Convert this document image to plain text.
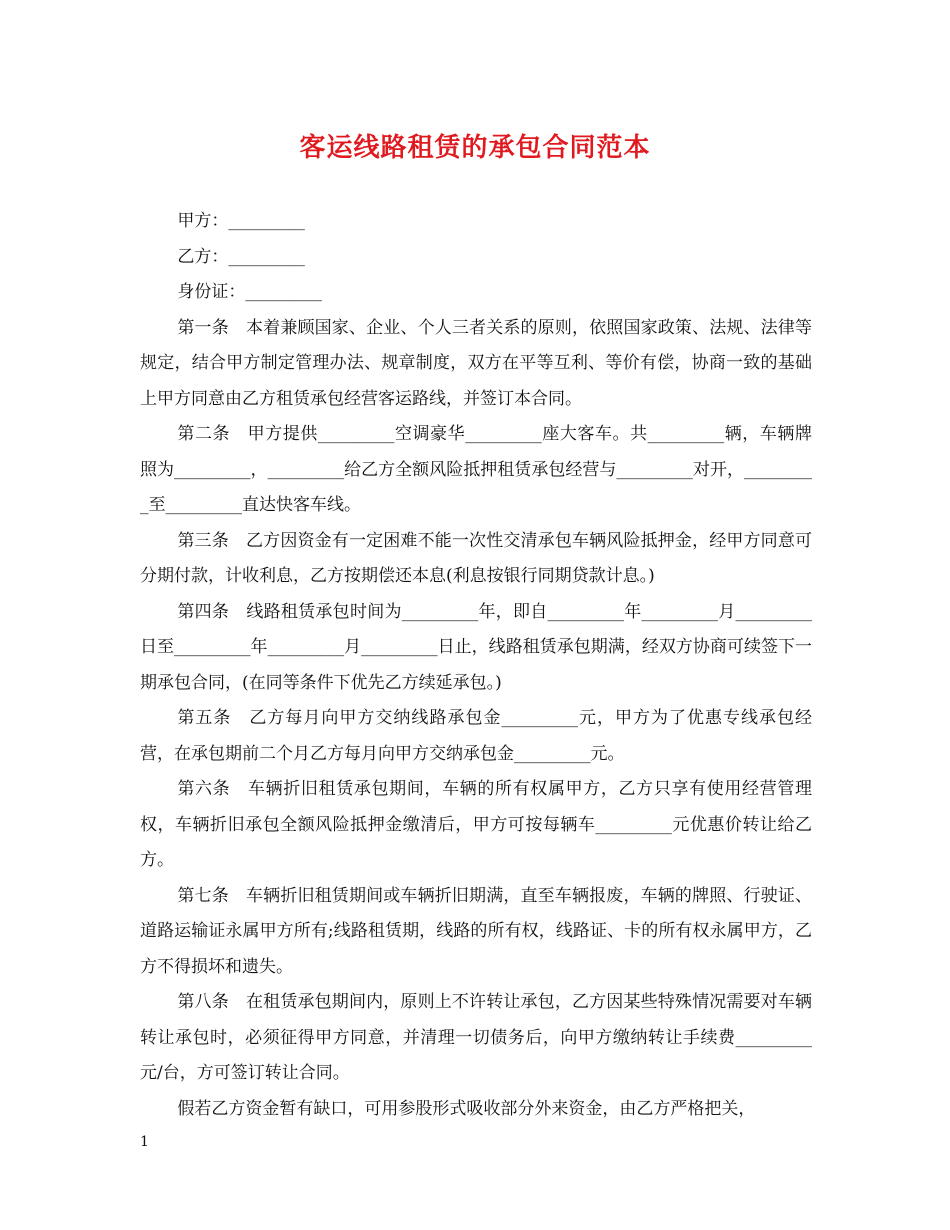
客运线路租赁的承包合同范本

甲方：_________

乙方：_________

身份证：_________

第一条　本着兼顾国家、企业、个人三者关系的原则，依照国家政策、法规、法律等规定，结合甲方制定管理办法、规章制度，双方在平等互利、等价有偿，协商一致的基础上甲方同意由乙方租赁承包经营客运路线，并签订本合同。

第二条　甲方提供_________空调豪华_________座大客车。共_________辆，车辆牌照为_________，_________给乙方全额风险抵押租赁承包经营与_________对开，_________至_________直达快客车线。

第三条　乙方因资金有一定困难不能一次性交清承包车辆风险抵押金，经甲方同意可分期付款，计收利息，乙方按期偿还本息(利息按银行同期贷款计息。)

第四条　线路租赁承包时间为_________年，即自_________年_________月_________日至_________年_________月_________日止，线路租赁承包期满，经双方协商可续签下一期承包合同，(在同等条件下优先乙方续延承包。)

第五条　乙方每月向甲方交纳线路承包金_________元，甲方为了优惠专线承包经营，在承包期前二个月乙方每月向甲方交纳承包金_________元。

第六条　车辆折旧租赁承包期间，车辆的所有权属甲方，乙方只享有使用经营管理权，车辆折旧承包全额风险抵押金缴清后，甲方可按每辆车_________元优惠价转让给乙方。

第七条　车辆折旧租赁期间或车辆折旧期满，直至车辆报废，车辆的牌照、行驶证、道路运输证永属甲方所有;线路租赁期，线路的所有权，线路证、卡的所有权永属甲方，乙方不得损坏和遗失。

第八条　在租赁承包期间内，原则上不许转让承包，乙方因某些特殊情况需要对车辆转让承包时，必须征得甲方同意，并清理一切债务后，向甲方缴纳转让手续费_________元/台，方可签订转让合同。

假若乙方资金暂有缺口，可用参股形式吸收部分外来资金，由乙方严格把关，

1
